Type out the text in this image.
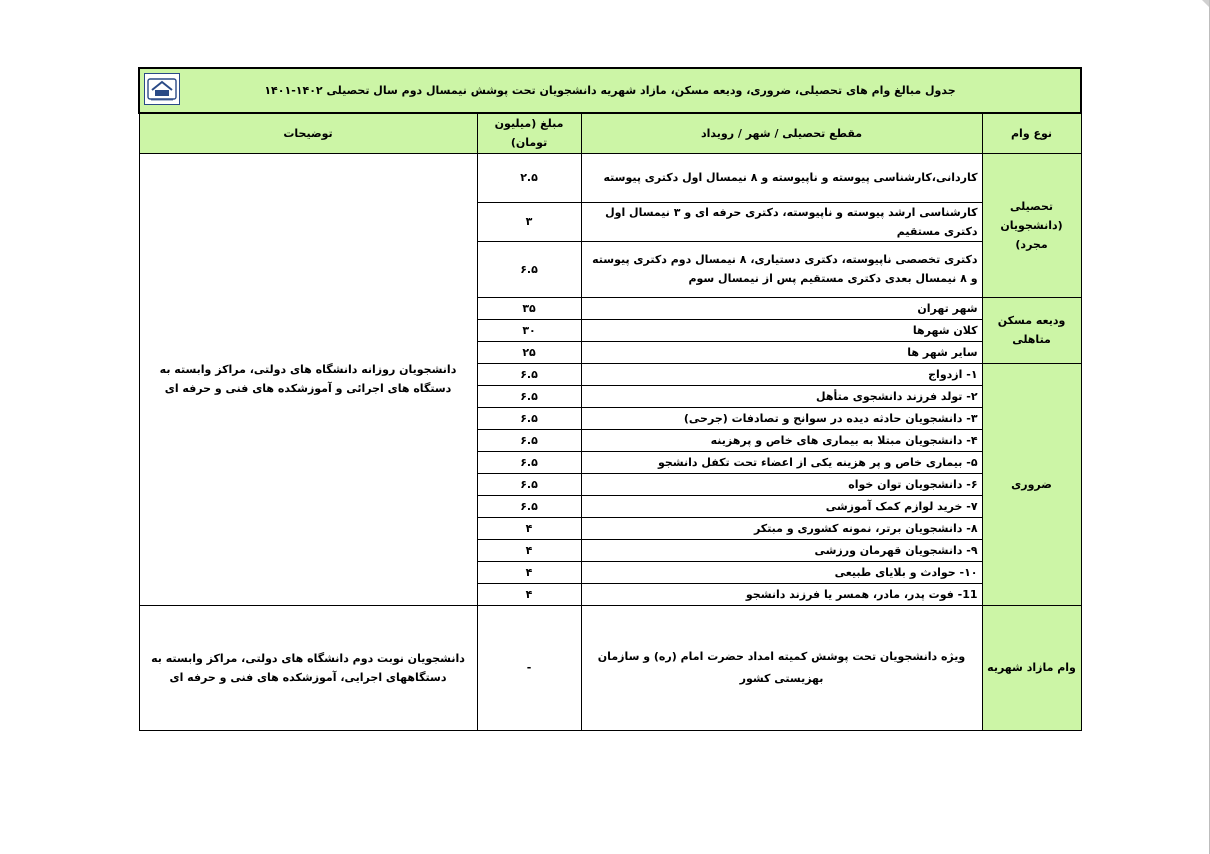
جدول مبالغ وام های تحصیلی، ضروری، ودیعه مسکن، مازاد شهریه دانشجویان تحت پوشش نیمسال دوم سال تحصیلی ۱۴۰۲-۱۴۰۱			

نوع وام	مقطع تحصیلی / شهر / رویداد	مبلغ (میلیون تومان)	توضیحات
تحصیلی (دانشجویان مجرد)	کاردانی،کارشناسی پیوسته و ناپیوسته و ۸ نیمسال اول دکتری پیوسته	۲.۵	دانشجویان روزانه دانشگاه های دولتی، مراکز وابسته به دستگاه های اجرائی و آموزشکده های فنی و حرفه ای
	کارشناسی ارشد پیوسته و ناپیوسته، دکتری حرفه ای و ۳ نیمسال اول دکتری مستقیم	۳	
	دکتری تخصصی ناپیوسته، دکتری دستیاری، ۸ نیمسال دوم دکتری پیوسته و ۸ نیمسال بعدی دکتری مستقیم پس از نیمسال سوم	۶.۵	
ودیعه مسکن متاهلی	شهر تهران	۳۵	
	کلان شهرها	۳۰	
	سایر شهر ها	۲۵	
ضروری	۱- ازدواج	۶.۵	
	۲- تولد فرزند دانشجوی متأهل	۶.۵	
	۳- دانشجویان حادثه دیده در سوانح و تصادفات (جرحی)	۶.۵	
	۴- دانشجویان مبتلا به بیماری های خاص و پرهزینه	۶.۵	
	۵- بیماری خاص و پر هزینه یکی از اعضاء تحت تکفل دانشجو	۶.۵	
	۶- دانشجویان توان خواه	۶.۵	
	۷- خرید لوازم کمک آموزشی	۶.۵	
	۸- دانشجویان برتر، نمونه کشوری و مبتکر	۴	
	۹- دانشجویان قهرمان ورزشی	۴	
	۱۰- حوادث و بلایای طبیعی	۴	
	11- فوت پدر، مادر، همسر یا فرزند دانشجو	۴	
وام مازاد شهریه	ویژه دانشجویان تحت پوشش کمیته امداد حضرت امام (ره) و سازمان بهزیستی کشور	-	دانشجویان نوبت دوم دانشگاه های دولتی، مراکز وابسته به دستگاههای اجرایی، آموزشکده های فنی و حرفه ای
